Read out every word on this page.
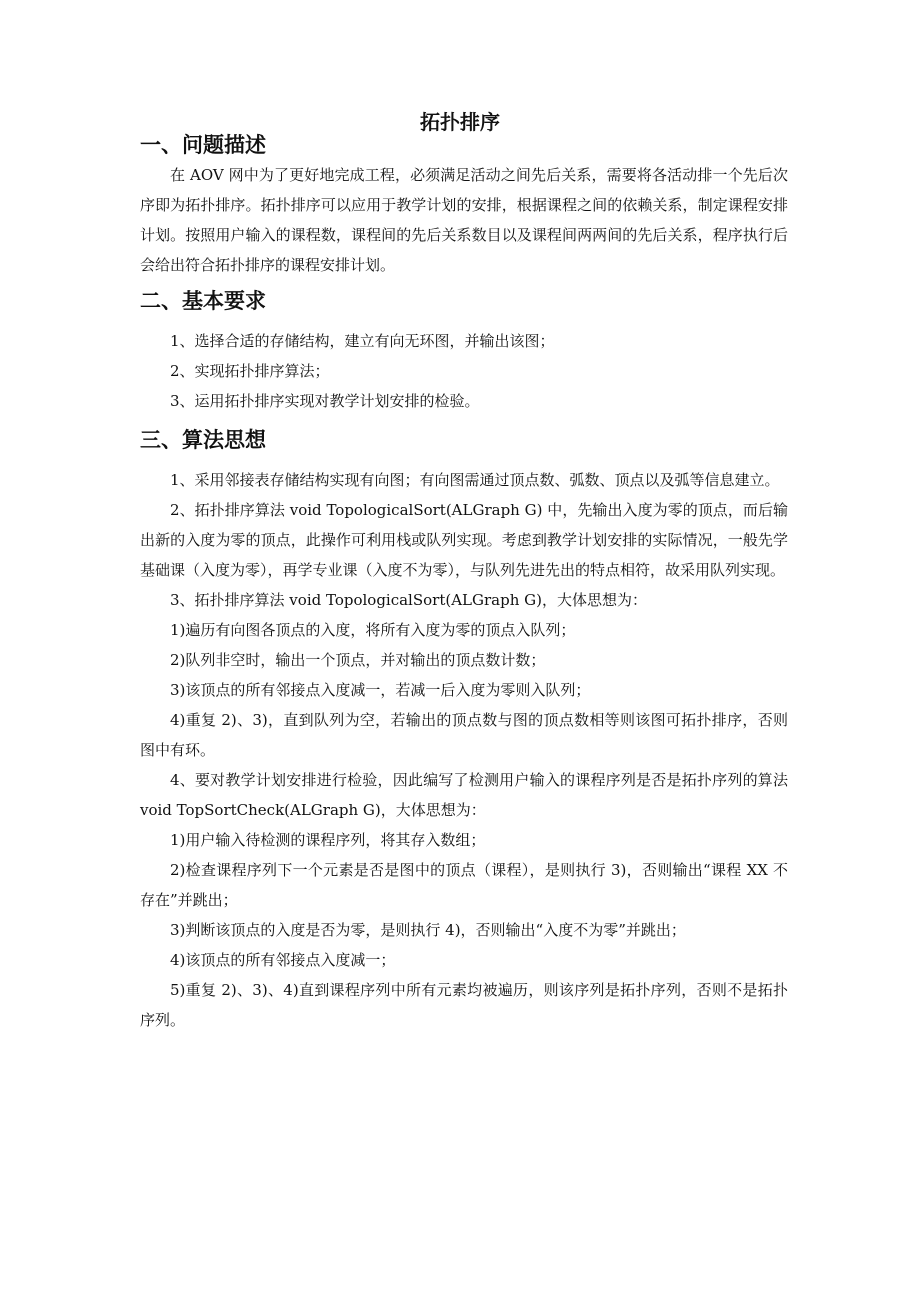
拓扑排序
一、问题描述

在 AOV 网中为了更好地完成工程，必须满足活动之间先后关系，需要将各活动排一个先后次序即为拓扑排序。拓扑排序可以应用于教学计划的安排，根据课程之间的依赖关系，制定课程安排计划。按照用户输入的课程数，课程间的先后关系数目以及课程间两两间的先后关系，程序执行后会给出符合拓扑排序的课程安排计划。

二、基本要求

1、选择合适的存储结构，建立有向无环图，并输出该图；

2、实现拓扑排序算法；

3、运用拓扑排序实现对教学计划安排的检验。

三、算法思想

1、采用邻接表存储结构实现有向图；有向图需通过顶点数、弧数、顶点以及弧等信息建立。

2、拓扑排序算法 void TopologicalSort(ALGraph G) 中，先输出入度为零的顶点，而后输出新的入度为零的顶点，此操作可利用栈或队列实现。考虑到教学计划安排的实际情况，一般先学基础课（入度为零），再学专业课（入度不为零），与队列先进先出的特点相符，故采用队列实现。

3、拓扑排序算法 void TopologicalSort(ALGraph G)，大体思想为：

1)遍历有向图各顶点的入度，将所有入度为零的顶点入队列；

2)队列非空时，输出一个顶点，并对输出的顶点数计数；

3)该顶点的所有邻接点入度减一，若减一后入度为零则入队列；

4)重复 2)、3)，直到队列为空，若输出的顶点数与图的顶点数相等则该图可拓扑排序，否则图中有环。

4、要对教学计划安排进行检验，因此编写了检测用户输入的课程序列是否是拓扑序列的算法 void TopSortCheck(ALGraph G)，大体思想为：

1)用户输入待检测的课程序列，将其存入数组；

2)检查课程序列下一个元素是否是图中的顶点（课程），是则执行 3)，否则输出“课程 XX 不存在”并跳出；

3)判断该顶点的入度是否为零，是则执行 4)，否则输出“入度不为零”并跳出；

4)该顶点的所有邻接点入度减一；

5)重复 2)、3)、4)直到课程序列中所有元素均被遍历，则该序列是拓扑序列，否则不是拓扑序列。
